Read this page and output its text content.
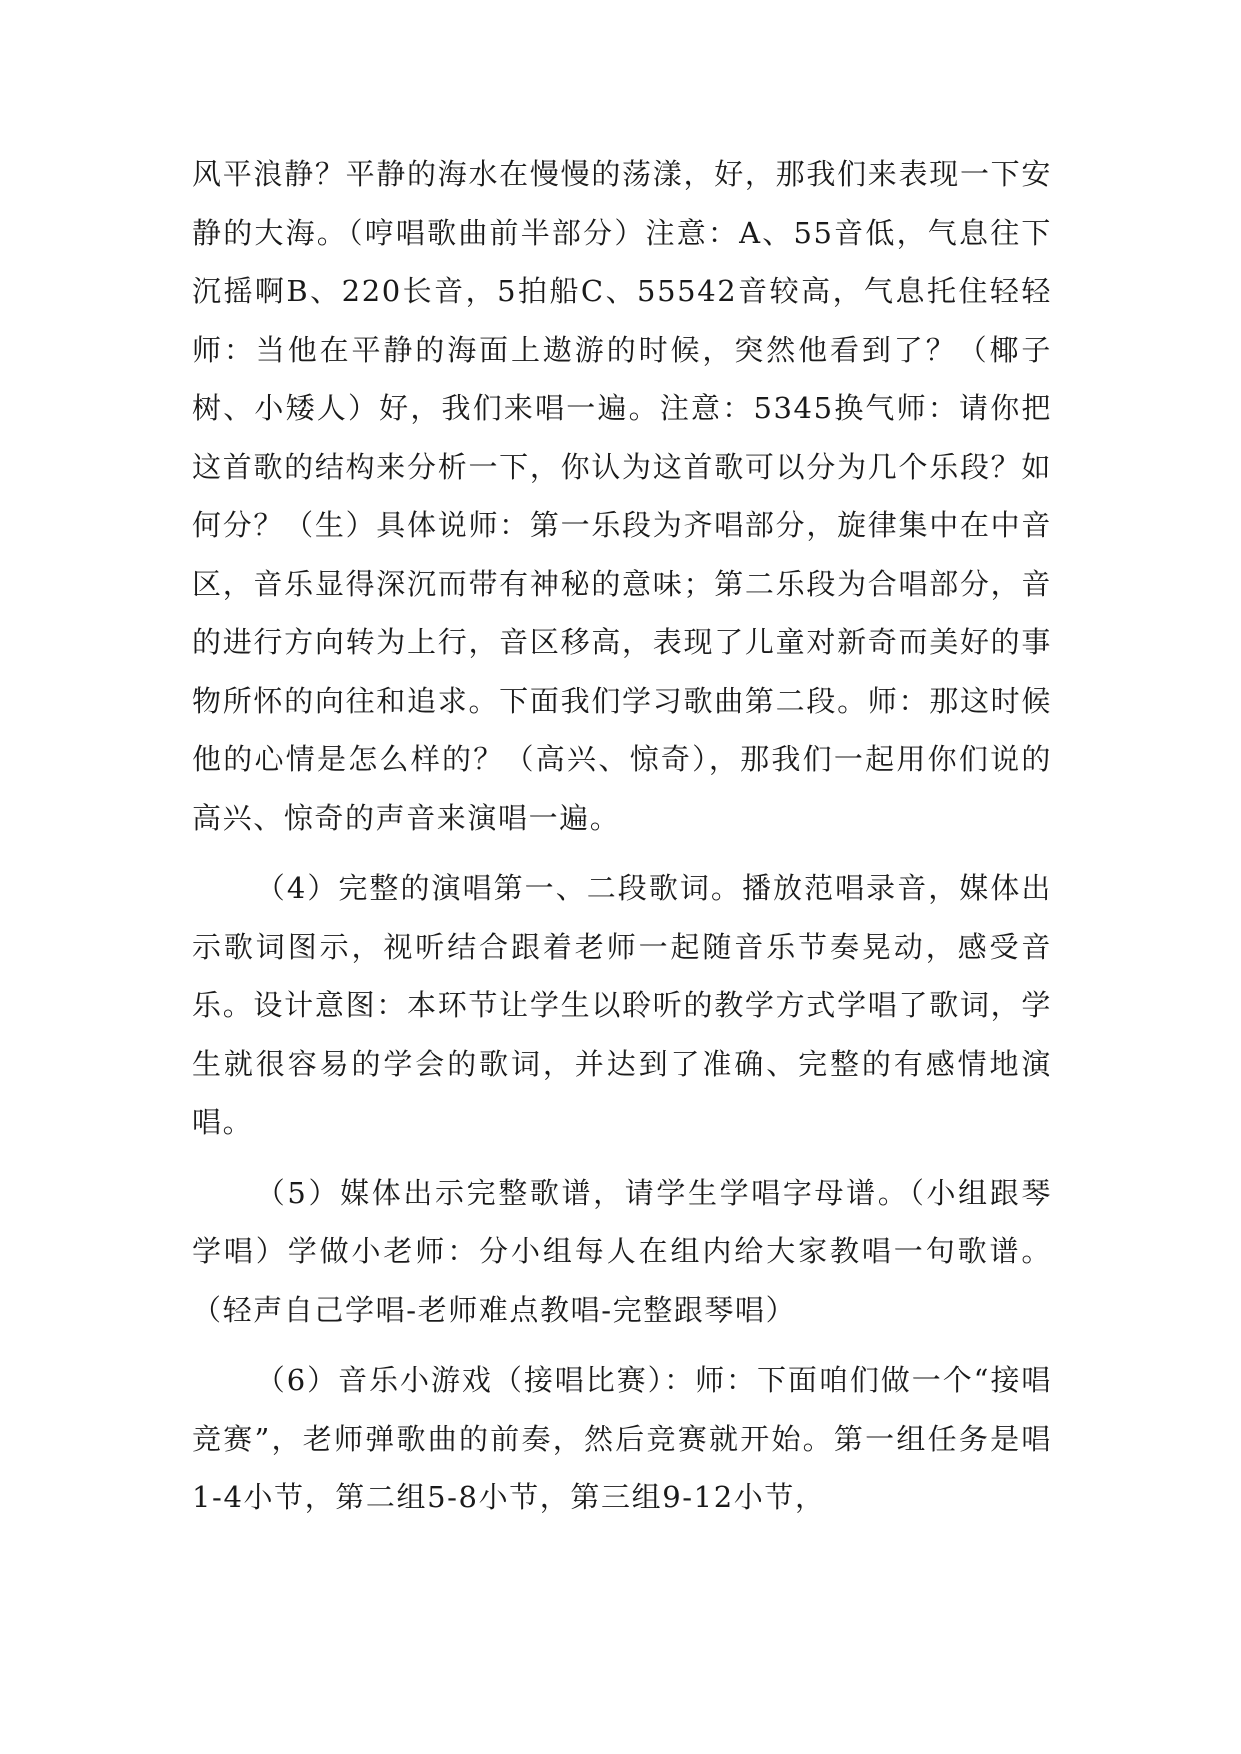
风平浪静？平静的海水在慢慢的荡漾，好，那我们来表现一下安静的大海。（哼唱歌曲前半部分）注意：A、55音低，气息往下沉摇啊B、220长音，5拍船C、55542音较高，气息托住轻轻师：当他在平静的海面上遨游的时候，突然他看到了？（椰子树、小矮人）好，我们来唱一遍。注意：5345换气师：请你把这首歌的结构来分析一下，你认为这首歌可以分为几个乐段？如何分？（生）具体说师：第一乐段为齐唱部分，旋律集中在中音区，音乐显得深沉而带有神秘的意味；第二乐段为合唱部分，音的进行方向转为上行，音区移高，表现了儿童对新奇而美好的事物所怀的向往和追求。下面我们学习歌曲第二段。师：那这时候他的心情是怎么样的？（高兴、惊奇），那我们一起用你们说的高兴、惊奇的声音来演唱一遍。

（4）完整的演唱第一、二段歌词。播放范唱录音，媒体出示歌词图示，视听结合跟着老师一起随音乐节奏晃动，感受音乐。设计意图：本环节让学生以聆听的教学方式学唱了歌词，学生就很容易的学会的歌词，并达到了准确、完整的有感情地演唱。

（5）媒体出示完整歌谱，请学生学唱字母谱。（小组跟琴学唱）学做小老师：分小组每人在组内给大家教唱一句歌谱。（轻声自己学唱-老师难点教唱-完整跟琴唱）

（6）音乐小游戏（接唱比赛）：师：下面咱们做一个“接唱竞赛”，老师弹歌曲的前奏，然后竞赛就开始。第一组任务是唱1-4小节，第二组5-8小节，第三组9-12小节，
